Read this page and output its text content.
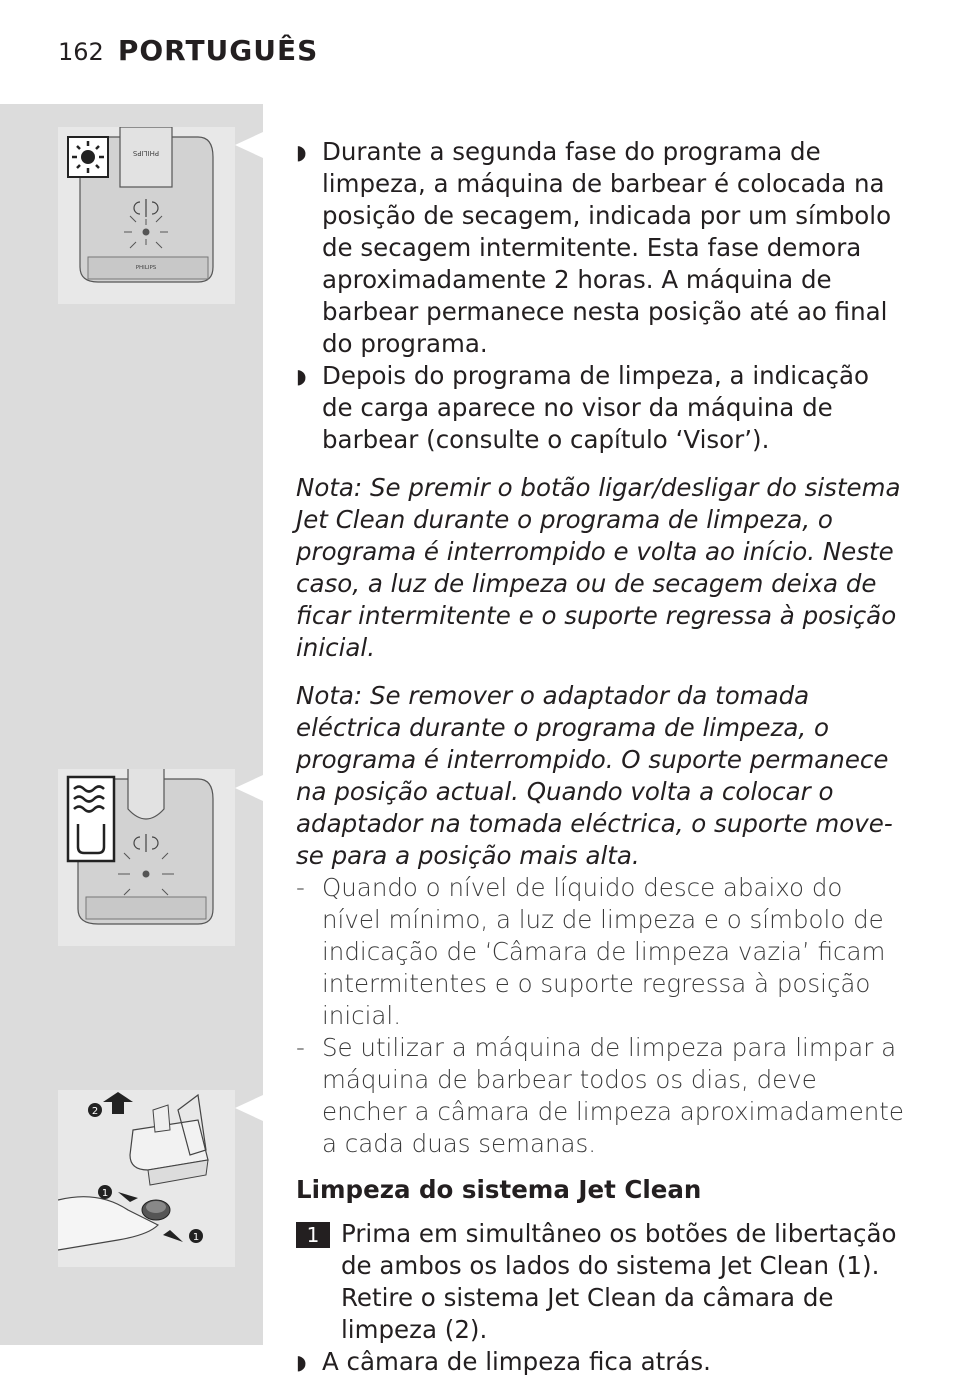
162 PORTUGUÊS
PHILIPS
PHILIPS
2
1
1

◗ Durante a segunda fase do programa de limpeza, a máquina de barbear é colocada na posição de secagem, indicada por um símbolo de secagem intermitente. Esta fase demora aproximadamente 2 horas. A máquina de barbear permanece nesta posição até ao final do programa.

◗ Depois do programa de limpeza, a indicação de carga aparece no visor da máquina de barbear (consulte o capítulo ‘Visor’).

Nota: Se premir o botão ligar/desligar do sistema Jet Clean durante o programa de limpeza, o programa é interrompido e volta ao início. Neste caso, a luz de limpeza ou de secagem deixa de ficar intermitente e o suporte regressa à posição inicial.

Nota: Se remover o adaptador da tomada eléctrica durante o programa de limpeza, o programa é interrompido. O suporte permanece na posição actual. Quando volta a colocar o adaptador na tomada eléctrica, o suporte move-se para a posição mais alta.

- Quando o nível de líquido desce abaixo do nível mínimo, a luz de limpeza e o símbolo de indicação de ‘Câmara de limpeza vazia’ ficam intermitentes e o suporte regressa à posição inicial.

- Se utilizar a máquina de limpeza para limpar a máquina de barbear todos os dias, deve encher a câmara de limpeza aproximadamente a cada duas semanas.

Limpeza do sistema Jet Clean

1 Prima em simultâneo os botões de libertação de ambos os lados do sistema Jet Clean (1). Retire o sistema Jet Clean da câmara de limpeza (2).

◗ A câmara de limpeza fica atrás.
